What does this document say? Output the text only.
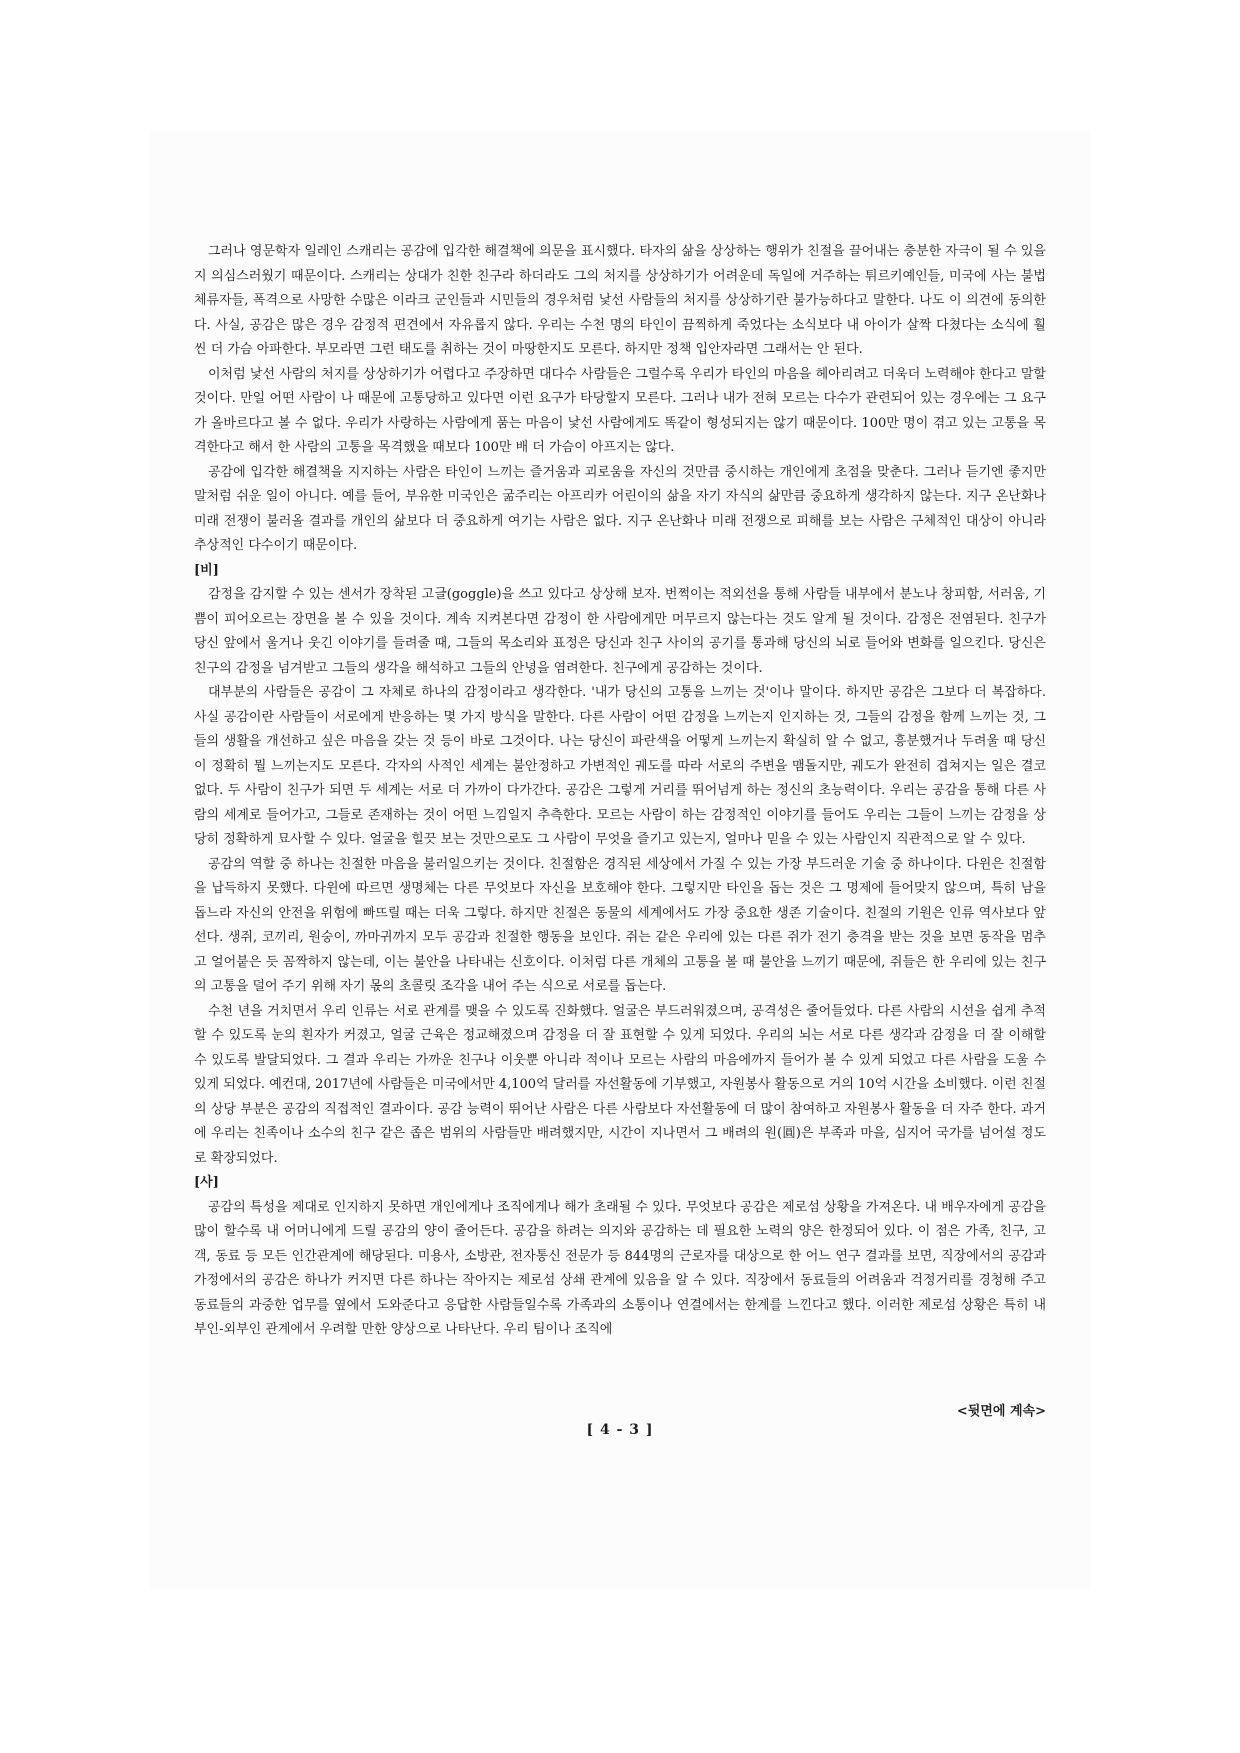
그러나 영문학자 일레인 스캐리는 공감에 입각한 해결책에 의문을 표시했다. 타자의 삶을 상상하는 행위가 친절을 끌어내는 충분한 자극이 될 수 있을지 의심스러웠기 때문이다. 스캐리는 상대가 친한 친구라 하더라도 그의 처지를 상상하기가 어려운데 독일에 거주하는 튀르키예인들, 미국에 사는 불법체류자들, 폭격으로 사망한 수많은 이라크 군인들과 시민들의 경우처럼 낯선 사람들의 처지를 상상하기란 불가능하다고 말한다. 나도 이 의견에 동의한다. 사실, 공감은 많은 경우 감정적 편견에서 자유롭지 않다. 우리는 수천 명의 타인이 끔찍하게 죽었다는 소식보다 내 아이가 살짝 다쳤다는 소식에 훨씬 더 가슴 아파한다. 부모라면 그런 태도를 취하는 것이 마땅한지도 모른다. 하지만 정책 입안자라면 그래서는 안 된다.

이처럼 낯선 사람의 처지를 상상하기가 어렵다고 주장하면 대다수 사람들은 그럴수록 우리가 타인의 마음을 헤아리려고 더욱더 노력해야 한다고 말할 것이다. 만일 어떤 사람이 나 때문에 고통당하고 있다면 이런 요구가 타당할지 모른다. 그러나 내가 전혀 모르는 다수가 관련되어 있는 경우에는 그 요구가 올바르다고 볼 수 없다. 우리가 사랑하는 사람에게 품는 마음이 낯선 사람에게도 똑같이 형성되지는 않기 때문이다. 100만 명이 겪고 있는 고통을 목격한다고 해서 한 사람의 고통을 목격했을 때보다 100만 배 더 가슴이 아프지는 않다.

공감에 입각한 해결책을 지지하는 사람은 타인이 느끼는 즐거움과 괴로움을 자신의 것만큼 중시하는 개인에게 초점을 맞춘다. 그러나 듣기엔 좋지만 말처럼 쉬운 일이 아니다. 예를 들어, 부유한 미국인은 굶주리는 아프리카 어린이의 삶을 자기 자식의 삶만큼 중요하게 생각하지 않는다. 지구 온난화나 미래 전쟁이 불러올 결과를 개인의 삶보다 더 중요하게 여기는 사람은 없다. 지구 온난화나 미래 전쟁으로 피해를 보는 사람은 구체적인 대상이 아니라 추상적인 다수이기 때문이다.

[비]

감정을 감지할 수 있는 센서가 장착된 고글(goggle)을 쓰고 있다고 상상해 보자. 번쩍이는 적외선을 통해 사람들 내부에서 분노나 창피함, 서러움, 기쁨이 피어오르는 장면을 볼 수 있을 것이다. 계속 지켜본다면 감정이 한 사람에게만 머무르지 않는다는 것도 알게 될 것이다. 감정은 전염된다. 친구가 당신 앞에서 울거나 웃긴 이야기를 들려줄 때, 그들의 목소리와 표정은 당신과 친구 사이의 공기를 통과해 당신의 뇌로 들어와 변화를 일으킨다. 당신은 친구의 감정을 넘겨받고 그들의 생각을 해석하고 그들의 안녕을 염려한다. 친구에게 공감하는 것이다.

대부분의 사람들은 공감이 그 자체로 하나의 감정이라고 생각한다. '내가 당신의 고통을 느끼는 것'이나 말이다. 하지만 공감은 그보다 더 복잡하다. 사실 공감이란 사람들이 서로에게 반응하는 몇 가지 방식을 말한다. 다른 사람이 어떤 감정을 느끼는지 인지하는 것, 그들의 감정을 함께 느끼는 것, 그들의 생활을 개선하고 싶은 마음을 갖는 것 등이 바로 그것이다. 나는 당신이 파란색을 어떻게 느끼는지 확실히 알 수 없고, 흥분했거나 두려울 때 당신이 정확히 뭘 느끼는지도 모른다. 각자의 사적인 세계는 불안정하고 가변적인 궤도를 따라 서로의 주변을 맴돌지만, 궤도가 완전히 겹쳐지는 일은 결코 없다. 두 사람이 친구가 되면 두 세계는 서로 더 가까이 다가간다. 공감은 그렇게 거리를 뛰어넘게 하는 정신의 초능력이다. 우리는 공감을 통해 다른 사람의 세계로 들어가고, 그들로 존재하는 것이 어떤 느낌일지 추측한다. 모르는 사람이 하는 감정적인 이야기를 들어도 우리는 그들이 느끼는 감정을 상당히 정확하게 묘사할 수 있다. 얼굴을 힐끗 보는 것만으로도 그 사람이 무엇을 즐기고 있는지, 얼마나 믿을 수 있는 사람인지 직관적으로 알 수 있다.

공감의 역할 중 하나는 친절한 마음을 불러일으키는 것이다. 친절함은 경직된 세상에서 가질 수 있는 가장 부드러운 기술 중 하나이다. 다윈은 친절함을 납득하지 못했다. 다윈에 따르면 생명체는 다른 무엇보다 자신을 보호해야 한다. 그렇지만 타인을 돕는 것은 그 명제에 들어맞지 않으며, 특히 남을 돕느라 자신의 안전을 위험에 빠뜨릴 때는 더욱 그렇다. 하지만 친절은 동물의 세계에서도 가장 중요한 생존 기술이다. 친절의 기원은 인류 역사보다 앞선다. 생쥐, 코끼리, 원숭이, 까마귀까지 모두 공감과 친절한 행동을 보인다. 쥐는 같은 우리에 있는 다른 쥐가 전기 충격을 받는 것을 보면 동작을 멈추고 얼어붙은 듯 꼼짝하지 않는데, 이는 불안을 나타내는 신호이다. 이처럼 다른 개체의 고통을 볼 때 불안을 느끼기 때문에, 쥐들은 한 우리에 있는 친구의 고통을 덜어 주기 위해 자기 몫의 초콜릿 조각을 내어 주는 식으로 서로를 돕는다.

수천 년을 거치면서 우리 인류는 서로 관계를 맺을 수 있도록 진화했다. 얼굴은 부드러워졌으며, 공격성은 줄어들었다. 다른 사람의 시선을 쉽게 추적할 수 있도록 눈의 흰자가 커졌고, 얼굴 근육은 정교해졌으며 감정을 더 잘 표현할 수 있게 되었다. 우리의 뇌는 서로 다른 생각과 감정을 더 잘 이해할 수 있도록 발달되었다. 그 결과 우리는 가까운 친구나 이웃뿐 아니라 적이나 모르는 사람의 마음에까지 들어가 볼 수 있게 되었고 다른 사람을 도울 수 있게 되었다. 예컨대, 2017년에 사람들은 미국에서만 4,100억 달러를 자선활동에 기부했고, 자원봉사 활동으로 거의 10억 시간을 소비했다. 이런 친절의 상당 부분은 공감의 직접적인 결과이다. 공감 능력이 뛰어난 사람은 다른 사람보다 자선활동에 더 많이 참여하고 자원봉사 활동을 더 자주 한다. 과거에 우리는 친족이나 소수의 친구 같은 좁은 범위의 사람들만 배려했지만, 시간이 지나면서 그 배려의 원(圓)은 부족과 마을, 심지어 국가를 넘어설 정도로 확장되었다.

[사]

공감의 특성을 제대로 인지하지 못하면 개인에게나 조직에게나 해가 초래될 수 있다. 무엇보다 공감은 제로섬 상황을 가져온다. 내 배우자에게 공감을 많이 할수록 내 어머니에게 드릴 공감의 양이 줄어든다. 공감을 하려는 의지와 공감하는 데 필요한 노력의 양은 한정되어 있다. 이 점은 가족, 친구, 고객, 동료 등 모든 인간관계에 해당된다. 미용사, 소방관, 전자통신 전문가 등 844명의 근로자를 대상으로 한 어느 연구 결과를 보면, 직장에서의 공감과 가정에서의 공감은 하나가 커지면 다른 하나는 작아지는 제로섬 상쇄 관계에 있음을 알 수 있다. 직장에서 동료들의 어려움과 걱정거리를 경청해 주고 동료들의 과중한 업무를 옆에서 도와준다고 응답한 사람들일수록 가족과의 소통이나 연결에서는 한계를 느낀다고 했다. 이러한 제로섬 상황은 특히 내부인-외부인 관계에서 우려할 만한 양상으로 나타난다. 우리 팀이나 조직에

<뒷면에 계속>
[ 4 - 3 ]
